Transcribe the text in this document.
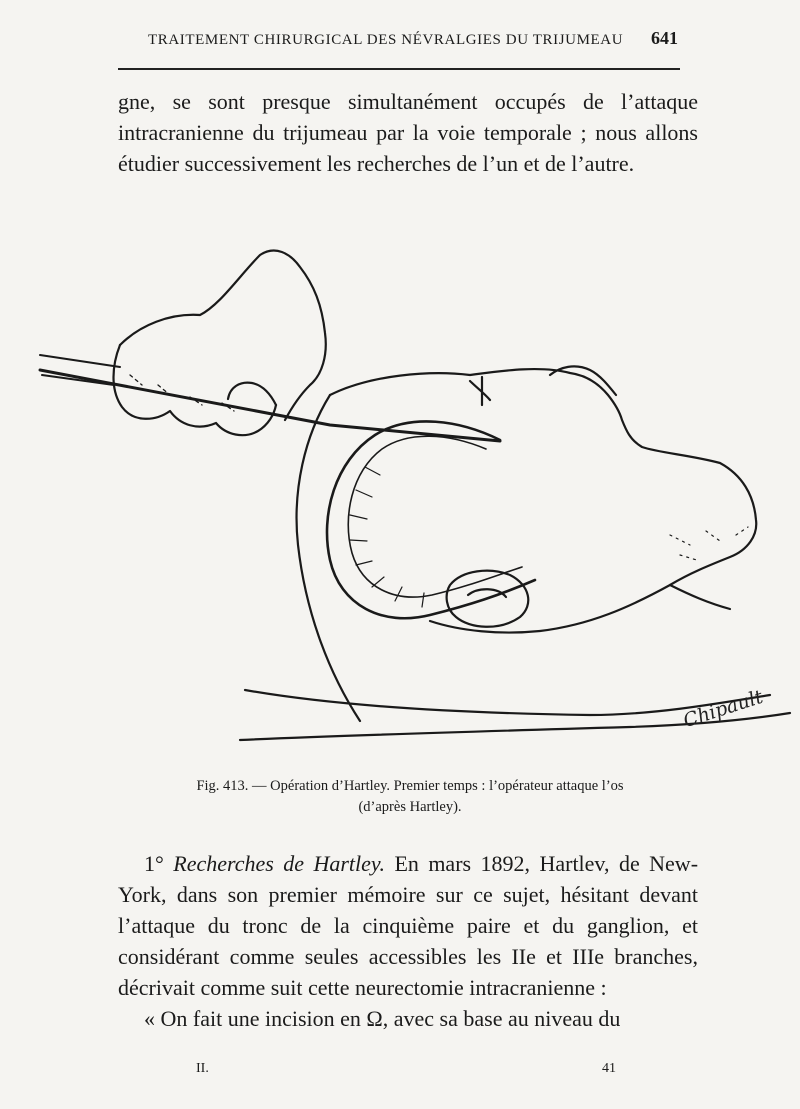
TRAITEMENT CHIRURGICAL DES NÉVRALGIES DU TRIJUMEAU 641
gne, se sont presque simultanément occupés de l’attaque intracranienne du trijumeau par la voie temporale ; nous allons étudier successivement les recherches de l’un et de l’autre.
Chipault
Fig. 413. — Opération d’Hartley. Premier temps : l’opérateur attaque l’os
(d’après Hartley).

1° Recherches de Hartley. En mars 1892, Hartlev, de New-York, dans son premier mémoire sur ce sujet, hésitant devant l’attaque du tronc de la cinquième paire et du ganglion, et considérant comme seules accessibles les IIe et IIIe branches, décrivait comme suit cette neurectomie intracranienne :

« On fait une incision en Ω, avec sa base au niveau du

II.	41
